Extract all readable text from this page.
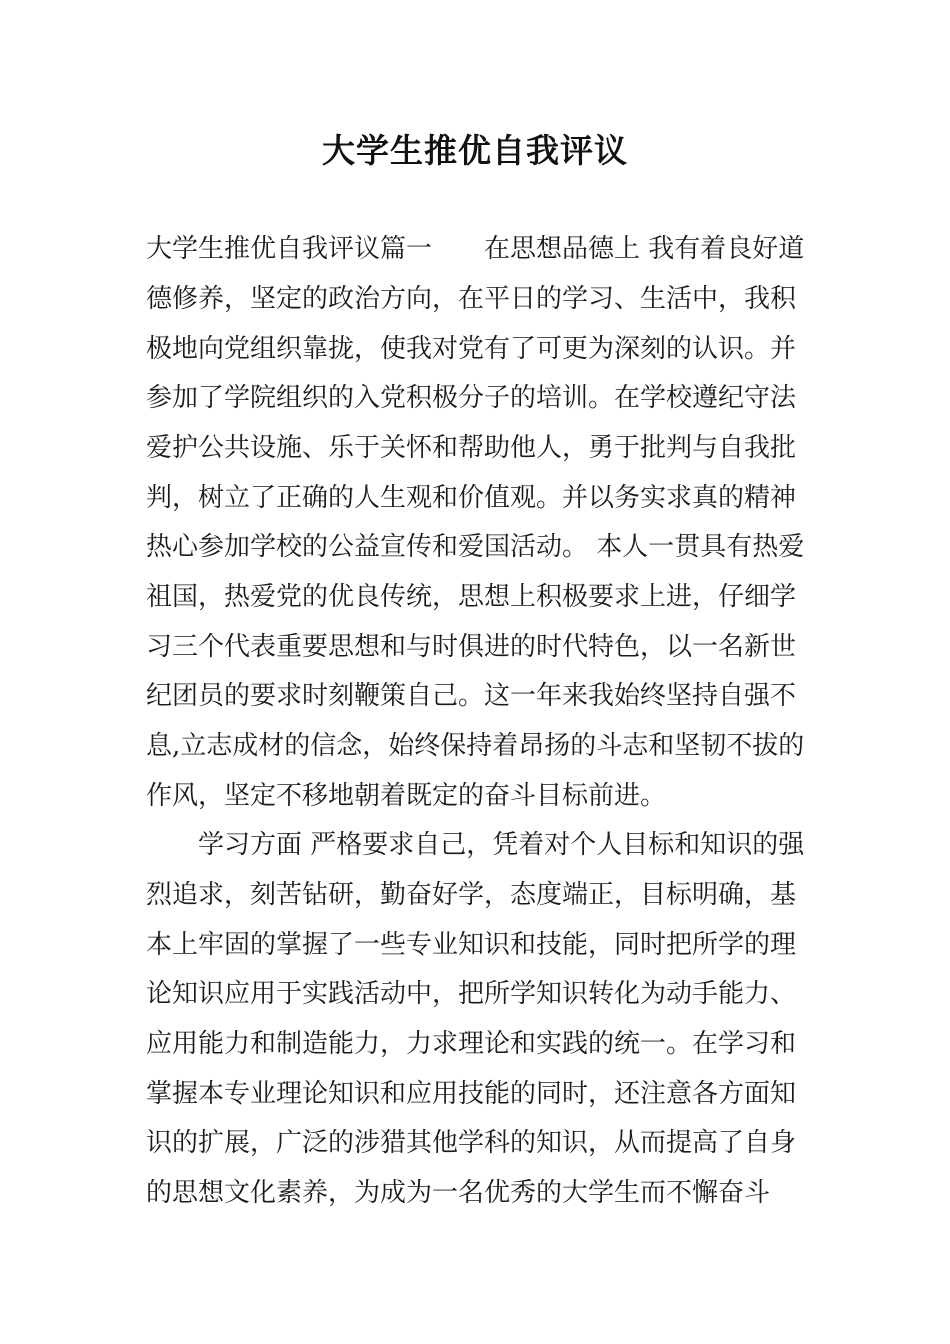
大学生推优自我评议
大学生推优自我评议篇一　　在思想品德上 我有着良好道
德修养，坚定的政治方向，在平日的学习、生活中，我积
极地向党组织靠拢，使我对党有了可更为深刻的认识。并
参加了学院组织的入党积极分子的培训。在学校遵纪守法
爱护公共设施、乐于关怀和帮助他人，勇于批判与自我批
判，树立了正确的人生观和价值观。并以务实求真的精神
热心参加学校的公益宣传和爱国活动。 本人一贯具有热爱
祖国，热爱党的优良传统，思想上积极要求上进，仔细学
习三个代表重要思想和与时俱进的时代特色，以一名新世
纪团员的要求时刻鞭策自己。这一年来我始终坚持自强不
息,立志成材的信念，始终保持着昂扬的斗志和坚韧不拔的
作风，坚定不移地朝着既定的奋斗目标前进。
　　学习方面 严格要求自己，凭着对个人目标和知识的强
烈追求，刻苦钻研，勤奋好学，态度端正，目标明确，基
本上牢固的掌握了一些专业知识和技能，同时把所学的理
论知识应用于实践活动中，把所学知识转化为动手能力、
应用能力和制造能力，力求理论和实践的统一。在学习和
掌握本专业理论知识和应用技能的同时，还注意各方面知
识的扩展，广泛的涉猎其他学科的知识，从而提高了自身
的思想文化素养，为成为一名优秀的大学生而不懈奋斗
